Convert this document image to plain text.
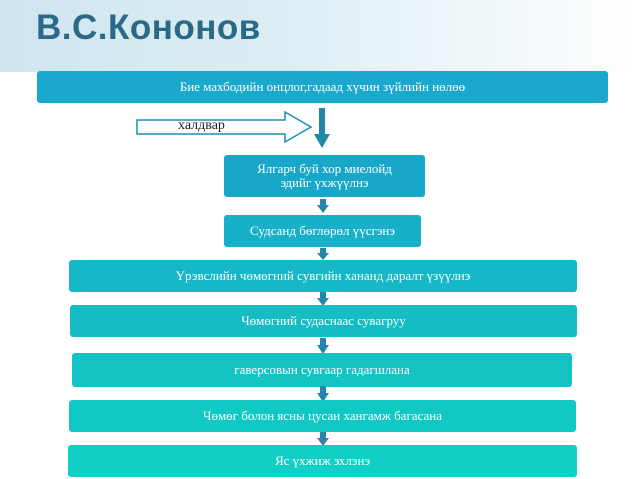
В.С.Кононов
Бие махбодийн онцлог,гадаад хүчин зүйлийн нөлөө
халдвар
Ялгарч буй хор миелойд
эдийг үхжүүлнэ
Судсанд бөглөрөл үүсгэнэ
Үрэвслийн чөмөгний сувгийн хананд даралт үзүүлнэ
Чөмөгний судаснаас сувагруу
гаверсовын сувгаар гадагшлана
Чөмөг болон ясны цусан хангамж багасана
Яс үхжиж эхлэнэ
